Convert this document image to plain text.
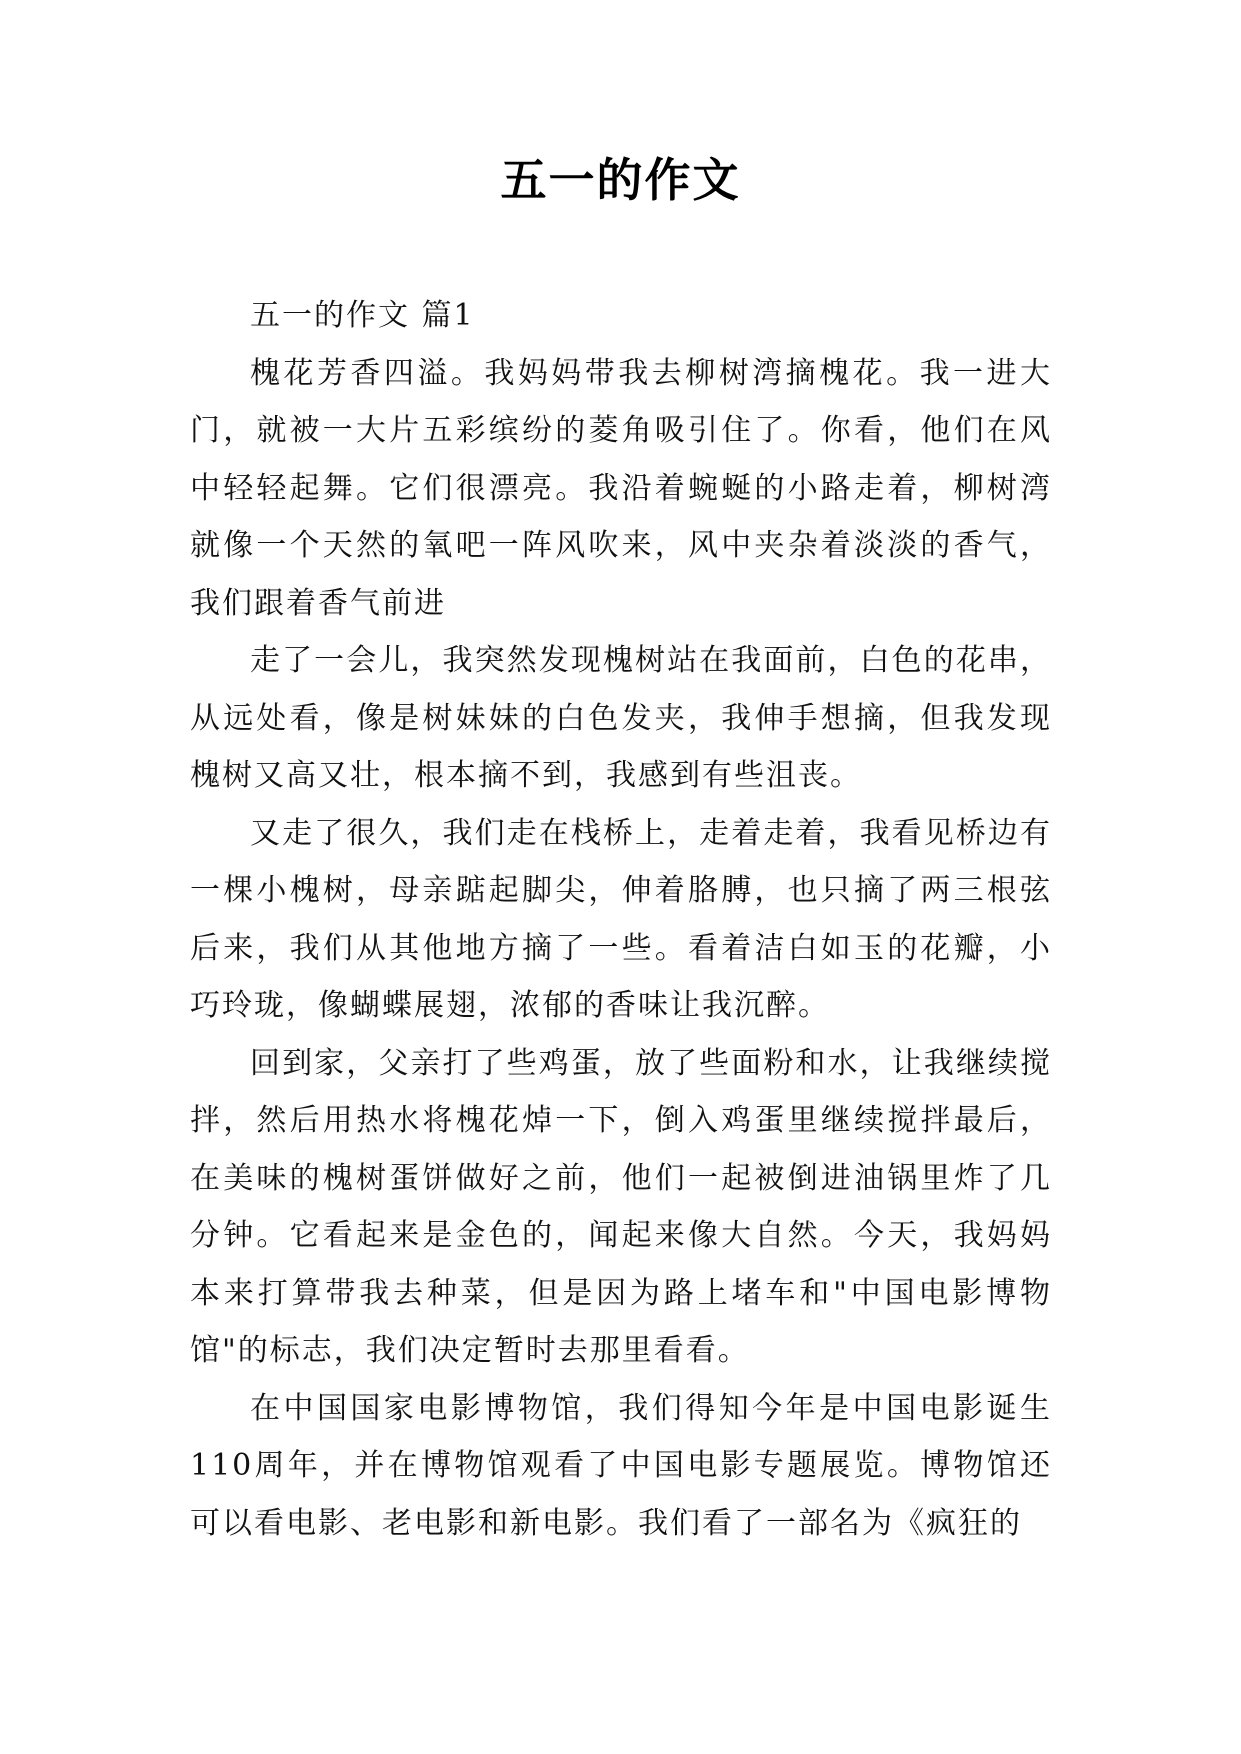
五一的作文

五一的作文 篇1

槐花芳香四溢。我妈妈带我去柳树湾摘槐花。我一进大门，就被一大片五彩缤纷的菱角吸引住了。你看，他们在风中轻轻起舞。它们很漂亮。我沿着蜿蜒的小路走着，柳树湾就像一个天然的氧吧一阵风吹来，风中夹杂着淡淡的香气，我们跟着香气前进

走了一会儿，我突然发现槐树站在我面前，白色的花串，从远处看，像是树妹妹的白色发夹，我伸手想摘，但我发现槐树又高又壮，根本摘不到，我感到有些沮丧。

又走了很久，我们走在栈桥上，走着走着，我看见桥边有一棵小槐树，母亲踮起脚尖，伸着胳膊，也只摘了两三根弦后来，我们从其他地方摘了一些。看着洁白如玉的花瓣，小巧玲珑，像蝴蝶展翅，浓郁的香味让我沉醉。

回到家，父亲打了些鸡蛋，放了些面粉和水，让我继续搅拌，然后用热水将槐花焯一下，倒入鸡蛋里继续搅拌最后，在美味的槐树蛋饼做好之前，他们一起被倒进油锅里炸了几分钟。它看起来是金色的，闻起来像大自然。今天，我妈妈本来打算带我去种菜，但是因为路上堵车和"中国电影博物馆"的标志，我们决定暂时去那里看看。

在中国国家电影博物馆，我们得知今年是中国电影诞生110周年，并在博物馆观看了中国电影专题展览。博物馆还可以看电影、老电影和新电影。我们看了一部名为《疯狂的
